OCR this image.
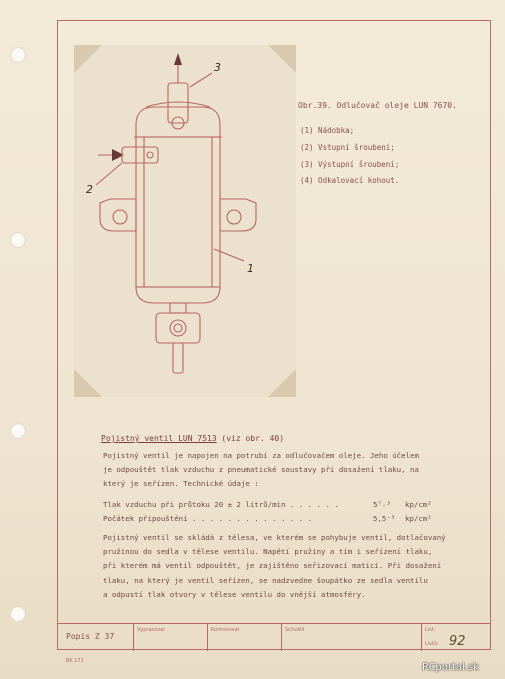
1
2
3
Obr.39. Odlučovač oleje LUN 7670.
(1) Nádobka;
(2) Vstupní šroubení;
(3) Výstupní šroubení;
(4) Odkalovací kohout.
Pojistný ventil LUN 7513 (viz obr. 40)
Pojistný ventil je napojen na potrubí za odlučovačem oleje. Jeho účelem
je odpouštět tlak vzduchu z pneumatické soustavy při dosažení tlaku, na
který je seřízen. Technické údaje :
Tlak vzduchu při průtoku 20 ± 2 litrů/min . . . . . .	5⁷₋³ kp/cm²
Počátek připouštění . . . . . . . . . . . . . .	5,5⁻³ kp/cm²
Pojistný ventil se skládá z tělesa, ve kterém se pohybuje ventil, dotlačovaný
pružinou do sedla v tělese ventilu. Napětí pružiny a tím i seřízení tlaku,
při kterém má ventil odpouštět, je zajištěno seřizovací maticí. Při dosažení
tlaku, na který je ventil seřízen, se nadzvedne šoupátko ze sedla ventilu
a odpustí tlak otvory v tělese ventilu do vnější atmosféry.
Popis Z 37
Vypracoval	Kontroloval	Schválil	List:
Listů: 92
BK 171
RCportal.sk
